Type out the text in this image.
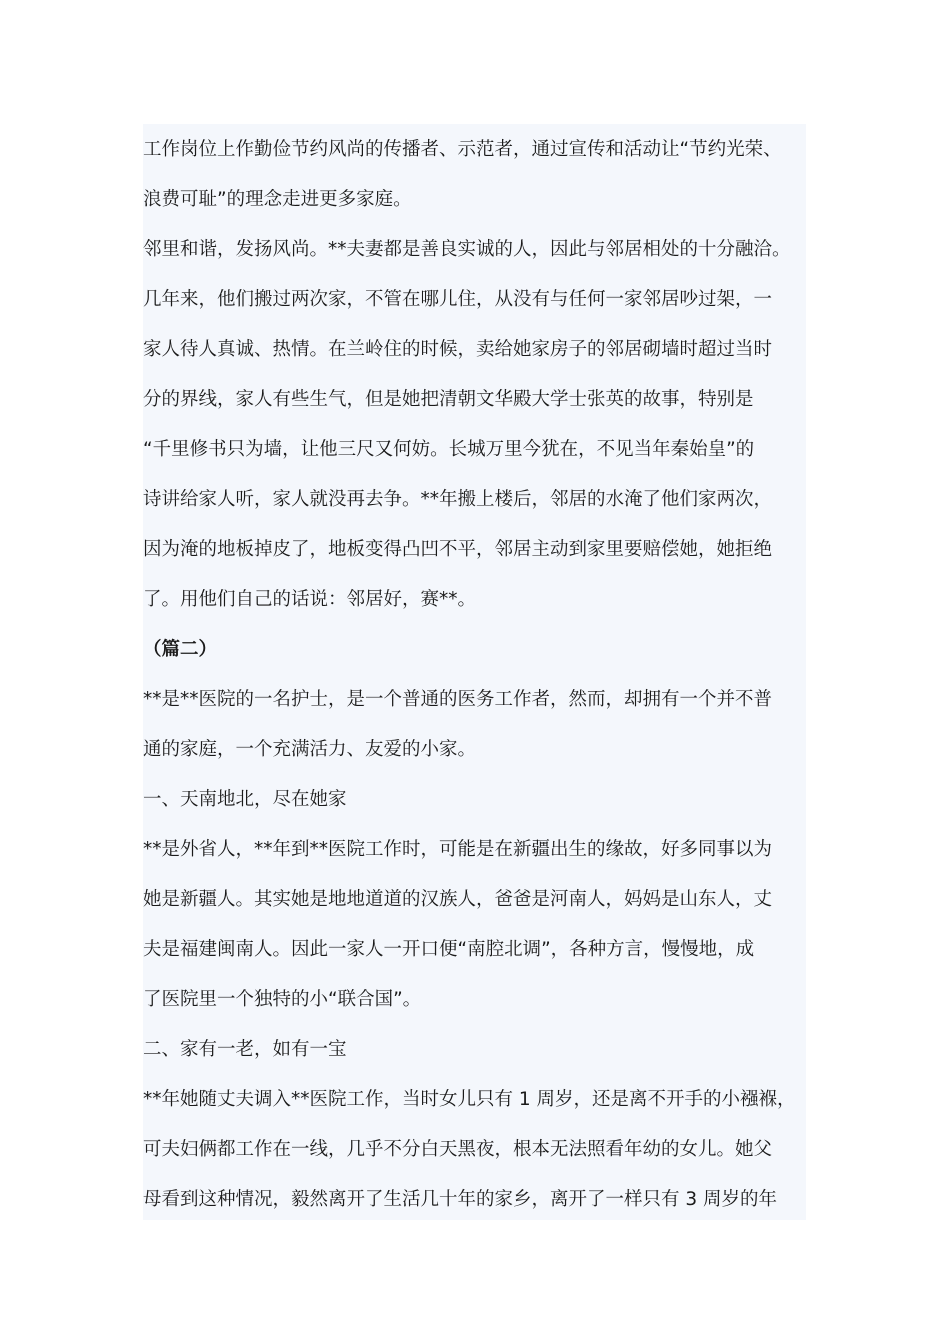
工作岗位上作勤俭节约风尚的传播者、示范者，通过宣传和活动让“节约光荣、
浪费可耻”的理念走进更多家庭。
邻里和谐，发扬风尚。**夫妻都是善良实诚的人，因此与邻居相处的十分融洽。
几年来，他们搬过两次家，不管在哪儿住，从没有与任何一家邻居吵过架，一
家人待人真诚、热情。在兰岭住的时候，卖给她家房子的邻居砌墙时超过当时
分的界线，家人有些生气，但是她把清朝文华殿大学士张英的故事，特别是
“千里修书只为墙，让他三尺又何妨。长城万里今犹在，不见当年秦始皇”的
诗讲给家人听，家人就没再去争。**年搬上楼后，邻居的水淹了他们家两次，
因为淹的地板掉皮了，地板变得凸凹不平，邻居主动到家里要赔偿她，她拒绝
了。用他们自己的话说：邻居好，赛**。
（篇二）
**是**医院的一名护士，是一个普通的医务工作者，然而，却拥有一个并不普
通的家庭，一个充满活力、友爱的小家。
一、天南地北，尽在她家
**是外省人，**年到**医院工作时，可能是在新疆出生的缘故，好多同事以为
她是新疆人。其实她是地地道道的汉族人，爸爸是河南人，妈妈是山东人，丈
夫是福建闽南人。因此一家人一开口便“南腔北调”，各种方言，慢慢地，成
了医院里一个独特的小“联合国”。
二、家有一老，如有一宝
**年她随丈夫调入**医院工作，当时女儿只有 1 周岁，还是离不开手的小襁褓，
可夫妇俩都工作在一线，几乎不分白天黑夜，根本无法照看年幼的女儿。她父
母看到这种情况，毅然离开了生活几十年的家乡，离开了一样只有 3 周岁的年
